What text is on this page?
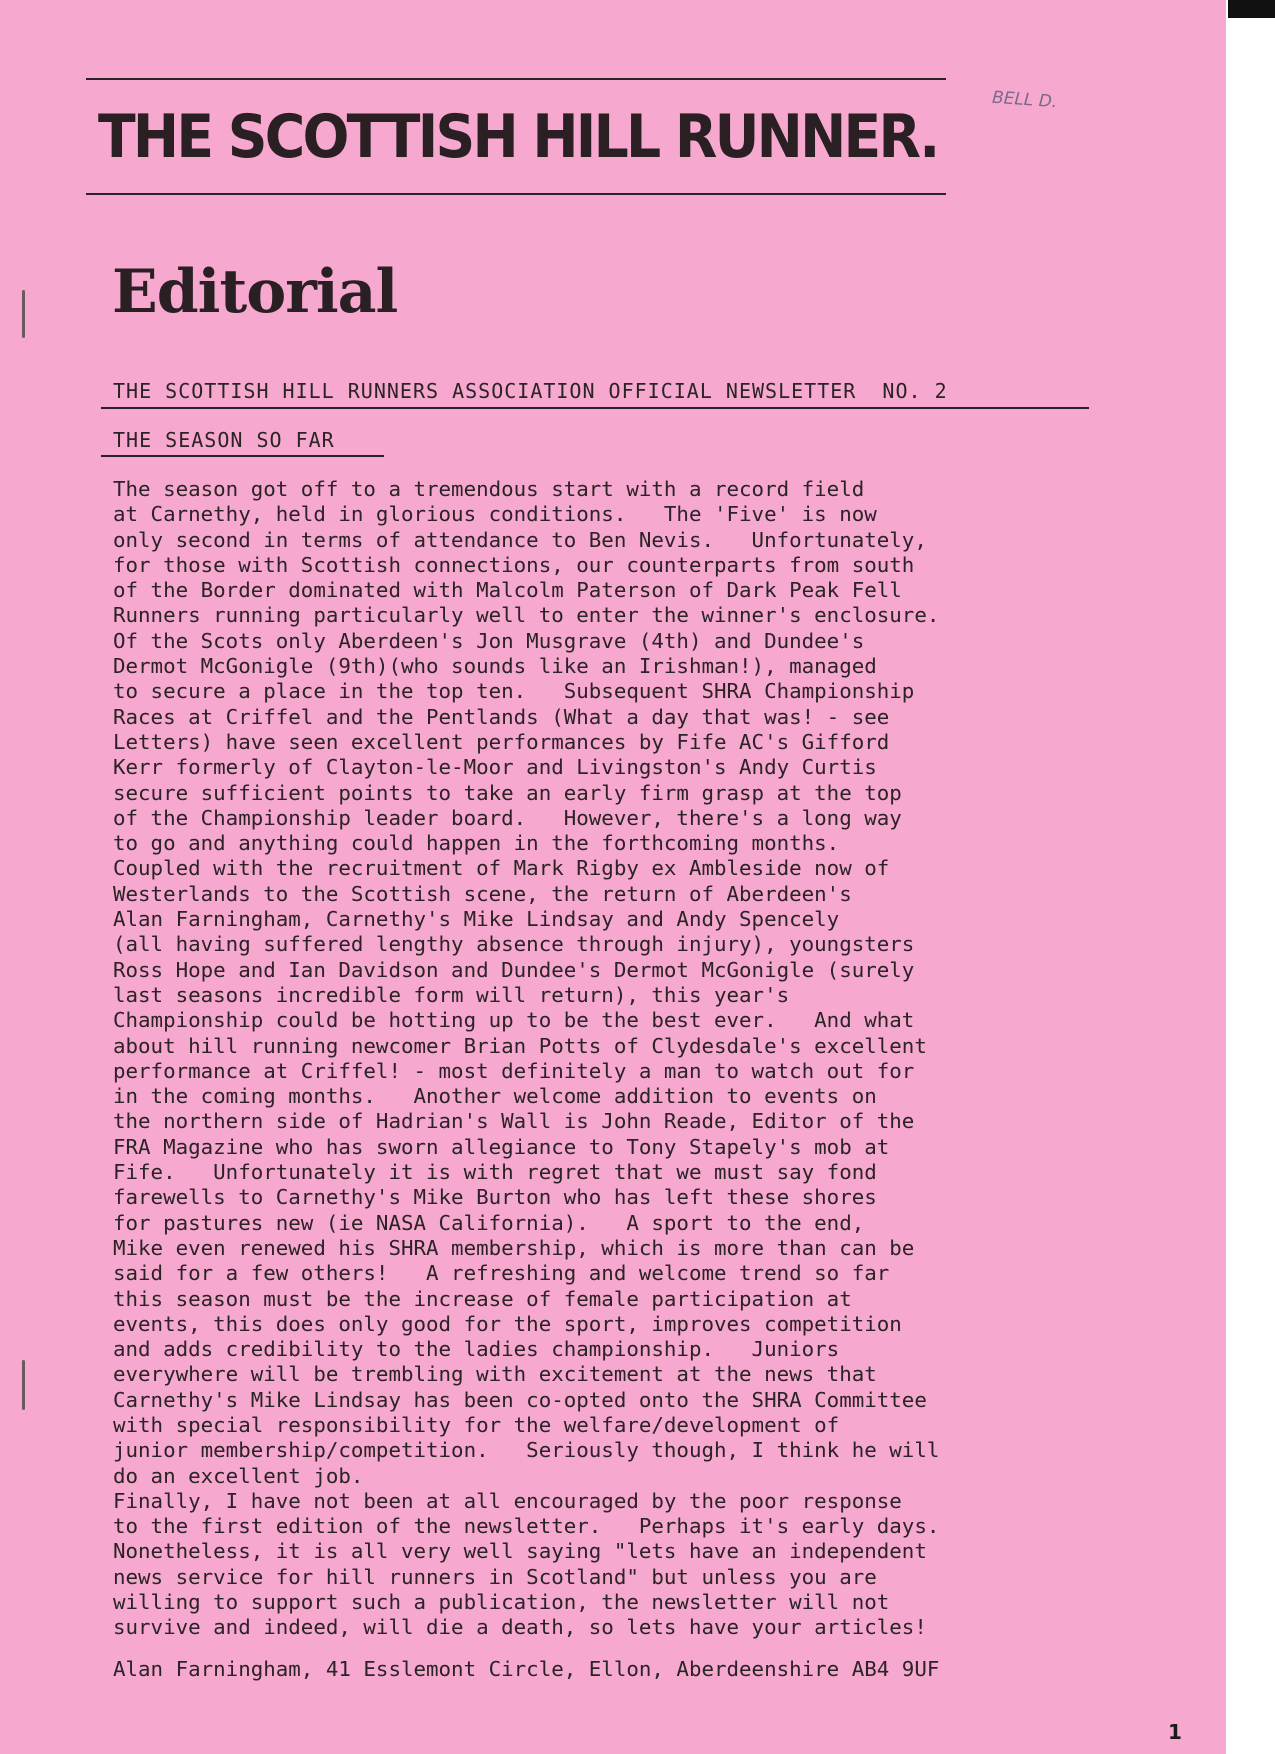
THE SCOTTISH HILL RUNNER.
BELL D.
Editorial
THE SCOTTISH HILL RUNNERS ASSOCIATION OFFICIAL NEWSLETTER  NO. 2
THE SEASON SO FAR
The season got off to a tremendous start with a record field
at Carnethy, held in glorious conditions.   The 'Five' is now
only second in terms of attendance to Ben Nevis.   Unfortunately,
for those with Scottish connections, our counterparts from south
of the Border dominated with Malcolm Paterson of Dark Peak Fell
Runners running particularly well to enter the winner's enclosure.
Of the Scots only Aberdeen's Jon Musgrave (4th) and Dundee's
Dermot McGonigle (9th)(who sounds like an Irishman!), managed
to secure a place in the top ten.   Subsequent SHRA Championship
Races at Criffel and the Pentlands (What a day that was! - see
Letters) have seen excellent performances by Fife AC's Gifford
Kerr formerly of Clayton-le-Moor and Livingston's Andy Curtis
secure sufficient points to take an early firm grasp at the top
of the Championship leader board.   However, there's a long way
to go and anything could happen in the forthcoming months.
Coupled with the recruitment of Mark Rigby ex Ambleside now of
Westerlands to the Scottish scene, the return of Aberdeen's
Alan Farningham, Carnethy's Mike Lindsay and Andy Spencely
(all having suffered lengthy absence through injury), youngsters
Ross Hope and Ian Davidson and Dundee's Dermot McGonigle (surely
last seasons incredible form will return), this year's
Championship could be hotting up to be the best ever.   And what
about hill running newcomer Brian Potts of Clydesdale's excellent
performance at Criffel! - most definitely a man to watch out for
in the coming months.   Another welcome addition to events on
the northern side of Hadrian's Wall is John Reade, Editor of the
FRA Magazine who has sworn allegiance to Tony Stapely's mob at
Fife.   Unfortunately it is with regret that we must say fond
farewells to Carnethy's Mike Burton who has left these shores
for pastures new (ie NASA California).   A sport to the end,
Mike even renewed his SHRA membership, which is more than can be
said for a few others!   A refreshing and welcome trend so far
this season must be the increase of female participation at
events, this does only good for the sport, improves competition
and adds credibility to the ladies championship.   Juniors
everywhere will be trembling with excitement at the news that
Carnethy's Mike Lindsay has been co-opted onto the SHRA Committee
with special responsibility for the welfare/development of
junior membership/competition.   Seriously though, I think he will
do an excellent job.
Finally, I have not been at all encouraged by the poor response
to the first edition of the newsletter.   Perhaps it's early days.
Nonetheless, it is all very well saying "lets have an independent
news service for hill runners in Scotland" but unless you are
willing to support such a publication, the newsletter will not
survive and indeed, will die a death, so lets have your articles!
Alan Farningham, 41 Esslemont Circle, Ellon, Aberdeenshire AB4 9UF
1
